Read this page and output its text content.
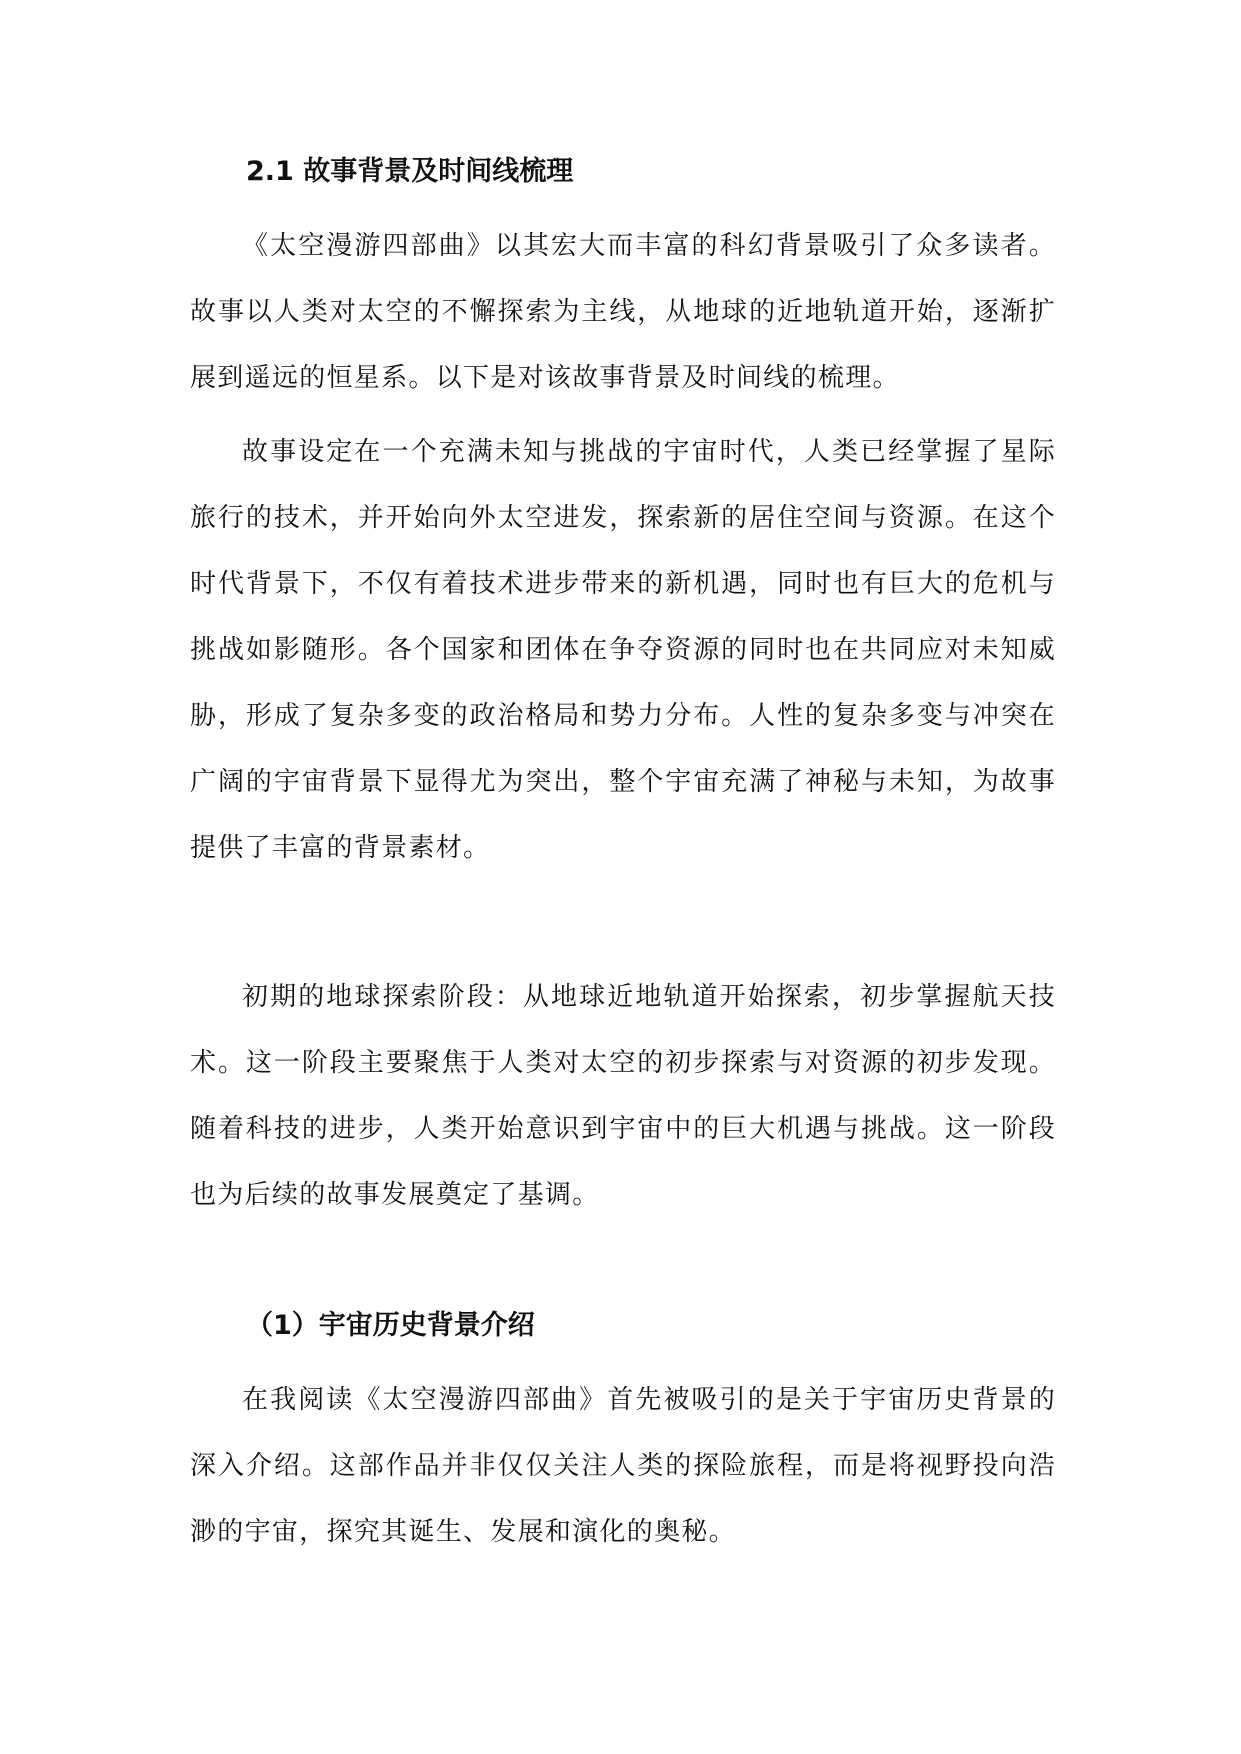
2.1 故事背景及时间线梳理

《太空漫游四部曲》以其宏大而丰富的科幻背景吸引了众多读者。故事以人类对太空的不懈探索为主线，从地球的近地轨道开始，逐渐扩展到遥远的恒星系。以下是对该故事背景及时间线的梳理。

故事设定在一个充满未知与挑战的宇宙时代，人类已经掌握了星际旅行的技术，并开始向外太空进发，探索新的居住空间与资源。在这个时代背景下，不仅有着技术进步带来的新机遇，同时也有巨大的危机与挑战如影随形。各个国家和团体在争夺资源的同时也在共同应对未知威胁，形成了复杂多变的政治格局和势力分布。人性的复杂多变与冲突在广阔的宇宙背景下显得尤为突出，整个宇宙充满了神秘与未知，为故事提供了丰富的背景素材。

初期的地球探索阶段：从地球近地轨道开始探索，初步掌握航天技术。这一阶段主要聚焦于人类对太空的初步探索与对资源的初步发现。随着科技的进步，人类开始意识到宇宙中的巨大机遇与挑战。这一阶段也为后续的故事发展奠定了基调。

（1）宇宙历史背景介绍

在我阅读《太空漫游四部曲》首先被吸引的是关于宇宙历史背景的深入介绍。这部作品并非仅仅关注人类的探险旅程，而是将视野投向浩渺的宇宙，探究其诞生、发展和演化的奥秘。
